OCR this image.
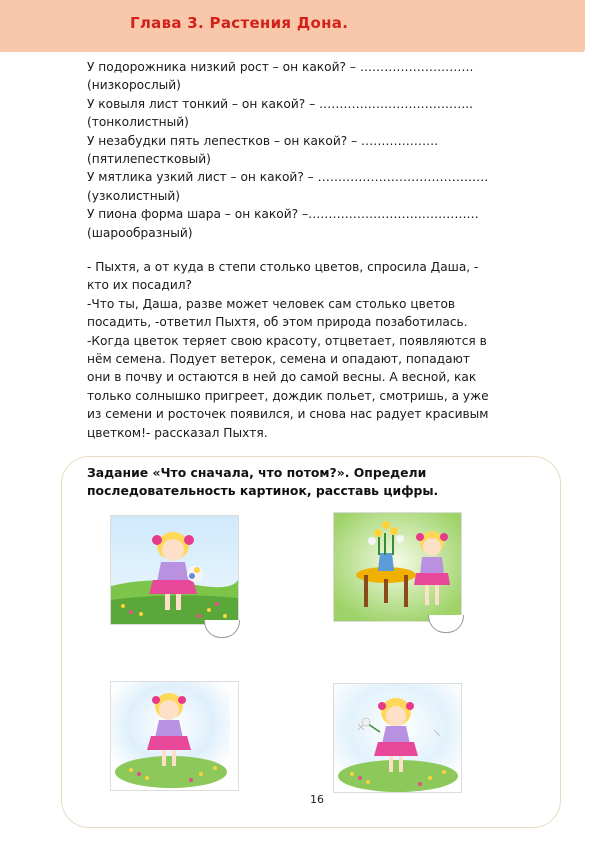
Глава 3. Растения Дона.
У подорожника низкий рост – он какой? – ……………………….
(низкорослый)
У ковыля лист тонкий – он какой? – ………………………………..
(тонколистный)
У незабудки пять лепестков – он какой? – ……………….
(пятилепестковый)
У мятлика узкий лист – он какой? – ……………………………………
(узколистный)
У пиона форма шара – он какой? –……………………………………
(шарообразный)
- Пыхтя, а от куда в степи столько цветов, спросила Даша, -
кто их посадил?
-Что ты, Даша, разве может человек сам столько цветов
посадить, -ответил Пыхтя, об этом природа позаботилась.
-Когда цветок теряет свою красоту, отцветает, появляются в
нём семена. Подует ветерок, семена и опадают, попадают
они в почву и остаются в ней до самой весны. А весной, как
только солнышко пригреет, дождик польет, смотришь, а уже
из семени и росточек появился, и снова нас радует красивым
цветком!- рассказал Пыхтя.
Задание «Что сначала, что потом?». Определи
последовательность картинок, расставь цифры.
16
